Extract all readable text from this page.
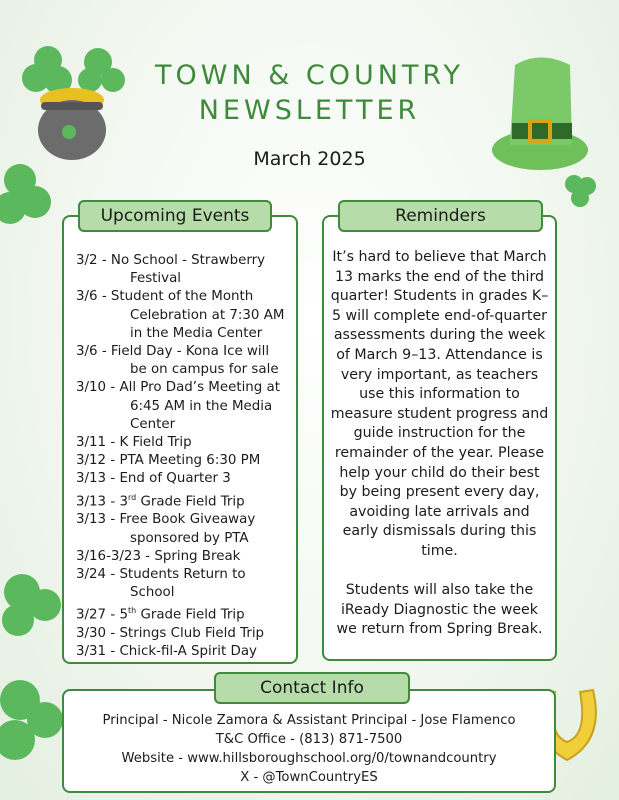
TOWN & COUNTRY
NEWSLETTER
March 2025
3/2 - No School - Strawberry
Festival
3/6 - Student of the Month
Celebration at 7:30 AM in the Media Center
3/6 - Field Day - Kona Ice will
be on campus for sale
3/10 - All Pro Dad’s Meeting at
6:45 AM in the Media Center
3/11 - K Field Trip
3/12 - PTA Meeting 6:30 PM
3/13 - End of Quarter 3
3/13 - 3rd Grade Field Trip
3/13 - Free Book Giveaway
sponsored by PTA
3/16-3/23 - Spring Break
3/24 - Students Return to
School
3/27 - 5th Grade Field Trip
3/30 - Strings Club Field Trip
3/31 - Chick-fil-A Spirit Day
Upcoming Events

It’s hard to believe that March 13 marks the end of the third quarter! Students in grades K–5 will complete end-of-quarter assessments during the week of March 9–13. Attendance is very important, as teachers use this information to measure student progress and guide instruction for the remainder of the year. Please help your child do their best by being present every day, avoiding late arrivals and early dismissals during this time.

Students will also take the iReady Diagnostic the week we return from Spring Break.

Reminders
Principal - Nicole Zamora & Assistant Principal - Jose Flamenco
T&C Office - (813) 871-7500
Website - www.hillsboroughschool.org/0/townandcountry
X - @TownCountryES
Contact Info
